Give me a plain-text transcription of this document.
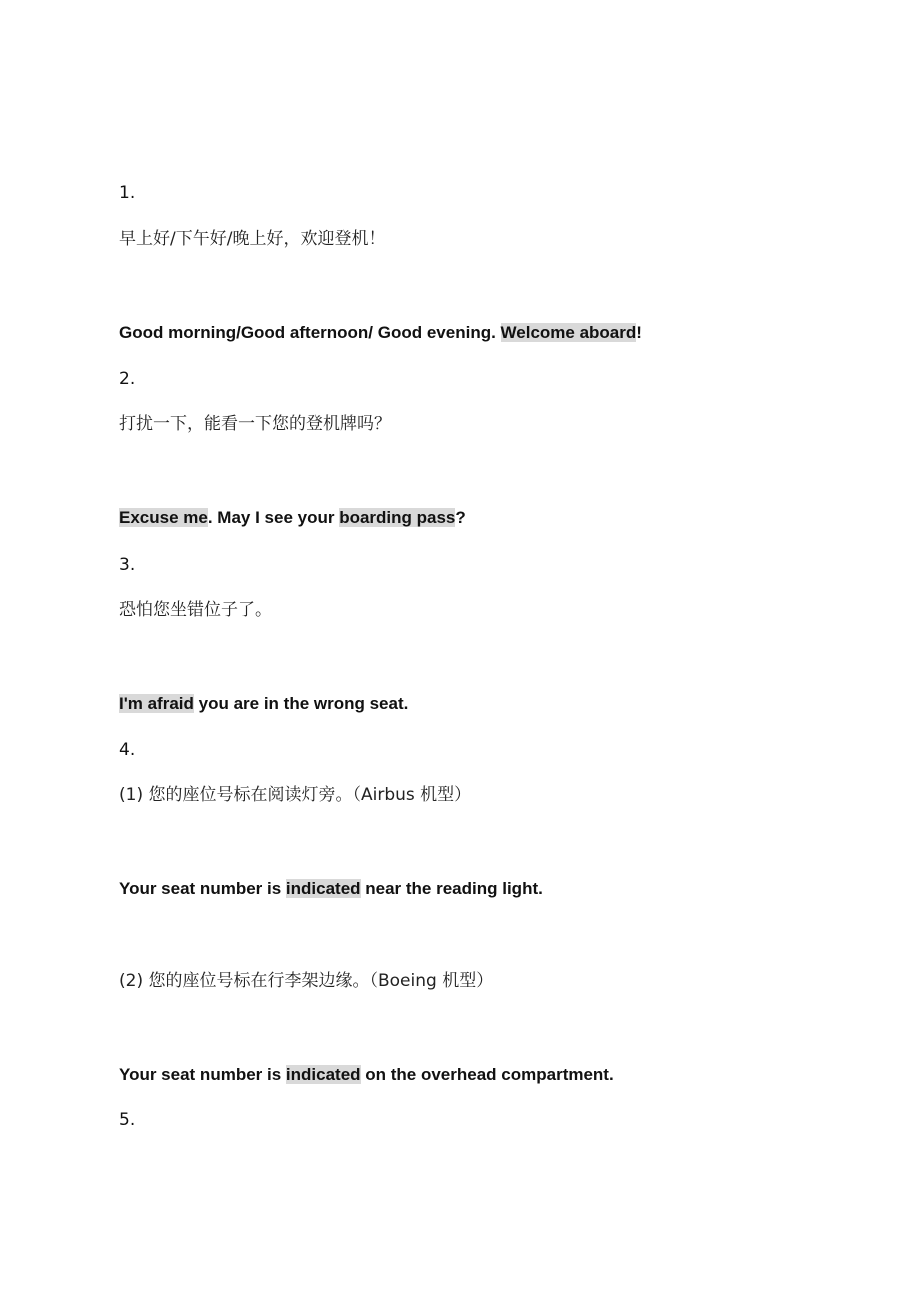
1.
早上好/下午好/晚上好，欢迎登机！
Good morning/Good afternoon/ Good evening. Welcome aboard!
2.
打扰一下，能看一下您的登机牌吗？
Excuse me. May I see your boarding pass?
3.
恐怕您坐错位子了。
I'm afraid you are in the wrong seat.
4.
(1) 您的座位号标在阅读灯旁。（Airbus 机型）
Your seat number is indicated near the reading light.
(2) 您的座位号标在行李架边缘。（Boeing 机型）
Your seat number is indicated on the overhead compartment.
5.
